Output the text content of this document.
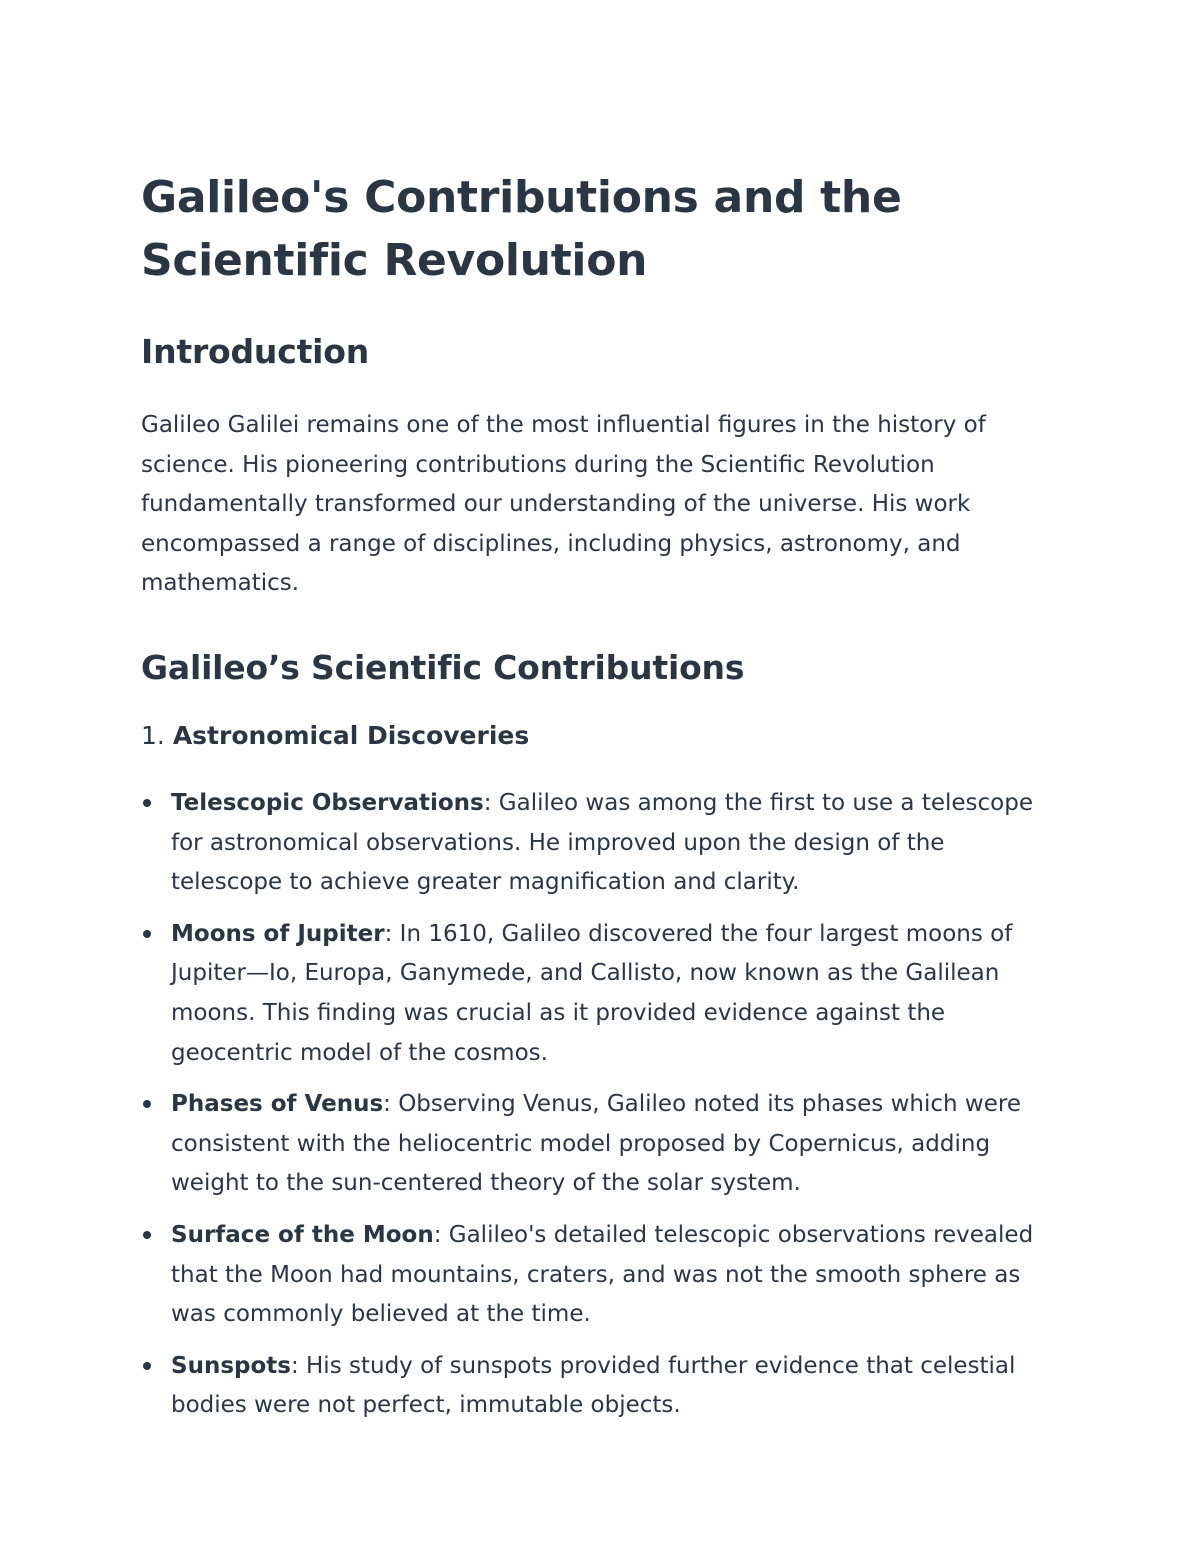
Galileo's Contributions and the Scientific Revolution
Introduction

Galileo Galilei remains one of the most influential figures in the history of science. His pioneering contributions during the Scientific Revolution fundamentally transformed our understanding of the universe. His work encompassed a range of disciplines, including physics, astronomy, and mathematics.

Galileo’s Scientific Contributions
1. Astronomical Discoveries
Telescopic Observations: Galileo was among the first to use a telescope for astronomical observations. He improved upon the design of the telescope to achieve greater magnification and clarity.
Moons of Jupiter: In 1610, Galileo discovered the four largest moons of Jupiter—Io, Europa, Ganymede, and Callisto, now known as the Galilean moons. This finding was crucial as it provided evidence against the geocentric model of the cosmos.
Phases of Venus: Observing Venus, Galileo noted its phases which were consistent with the heliocentric model proposed by Copernicus, adding weight to the sun-centered theory of the solar system.
Surface of the Moon: Galileo's detailed telescopic observations revealed that the Moon had mountains, craters, and was not the smooth sphere as was commonly believed at the time.
Sunspots: His study of sunspots provided further evidence that celestial bodies were not perfect, immutable objects.
